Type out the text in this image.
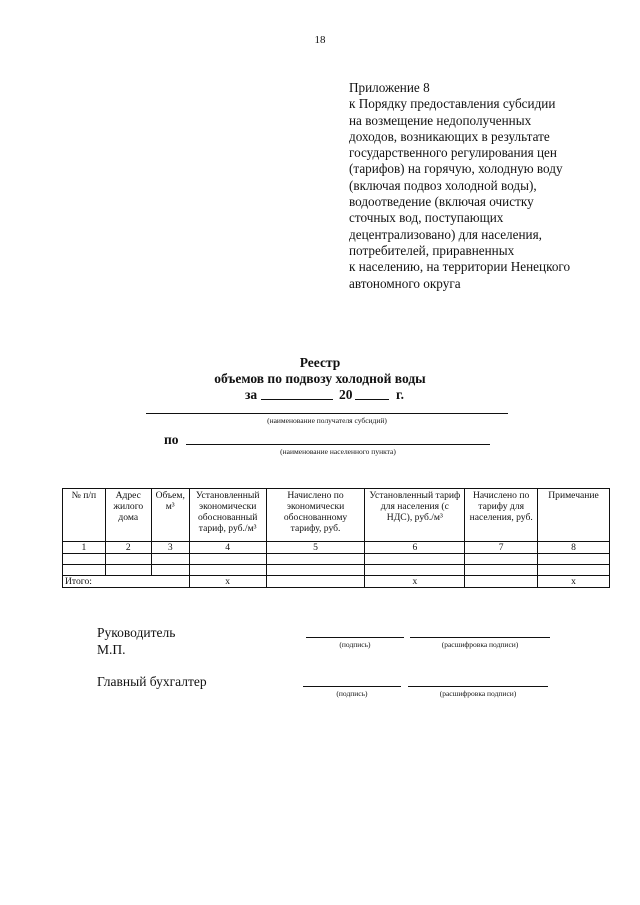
18
Приложение 8
к Порядку предоставления субсидии
на возмещение недополученных
доходов, возникающих в результате
государственного регулирования цен
(тарифов) на горячую, холодную воду
(включая подвоз холодной воды),
водоотведение (включая очистку
сточных вод, поступающих
децентрализовано) для населения,
потребителей, приравненных
к населению, на территории Ненецкого
автономного округа
Реестр
объемов по подвозу холодной воды
за	20	г.
(наименование получателя субсидий)
по
(наименование населенного пункта)
№ п/п	Адрес жилого дома	Объем, м³	Установленный экономически обоснованный тариф, руб./м³	Начислено по экономически обоснованному тарифу, руб.	Установленный тариф для населения (с НДС), руб./м³	Начислено по тарифу для населения, руб.	Примечание
1	2	3	4	5	6	7	8

Итого:			x		x		x
Руководитель
М.П.	(подпись)	(расшифровка подписи)
Главный бухгалтер
(подпись)	(расшифровка подписи)
